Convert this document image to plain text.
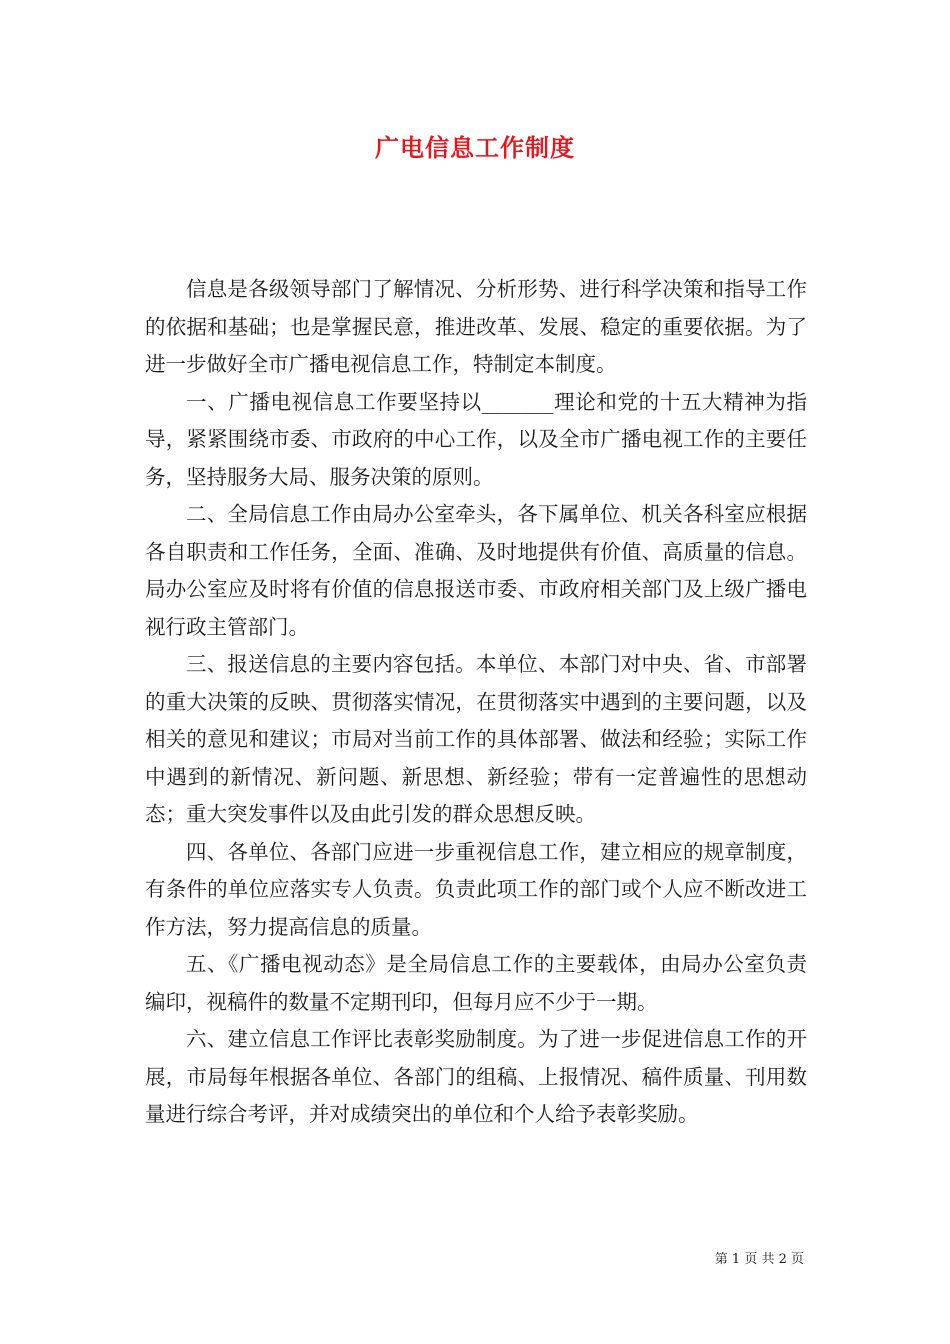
广电信息工作制度

信息是各级领导部门了解情况、分析形势、进行科学决策和指导工作的依据和基础；也是掌握民意，推进改革、发展、稳定的重要依据。为了进一步做好全市广播电视信息工作，特制定本制度。

一、广播电视信息工作要坚持以_______理论和党的十五大精神为指导，紧紧围绕市委、市政府的中心工作，以及全市广播电视工作的主要任务，坚持服务大局、服务决策的原则。

二、全局信息工作由局办公室牵头，各下属单位、机关各科室应根据各自职责和工作任务，全面、准确、及时地提供有价值、高质量的信息。局办公室应及时将有价值的信息报送市委、市政府相关部门及上级广播电视行政主管部门。

三、报送信息的主要内容包括。本单位、本部门对中央、省、市部署的重大决策的反映、贯彻落实情况，在贯彻落实中遇到的主要问题，以及相关的意见和建议；市局对当前工作的具体部署、做法和经验；实际工作中遇到的新情况、新问题、新思想、新经验；带有一定普遍性的思想动态；重大突发事件以及由此引发的群众思想反映。

四、各单位、各部门应进一步重视信息工作，建立相应的规章制度，有条件的单位应落实专人负责。负责此项工作的部门或个人应不断改进工作方法，努力提高信息的质量。

五、《广播电视动态》是全局信息工作的主要载体，由局办公室负责编印，视稿件的数量不定期刊印，但每月应不少于一期。

六、建立信息工作评比表彰奖励制度。为了进一步促进信息工作的开展，市局每年根据各单位、各部门的组稿、上报情况、稿件质量、刊用数量进行综合考评，并对成绩突出的单位和个人给予表彰奖励。

第 1 页 共 2 页
